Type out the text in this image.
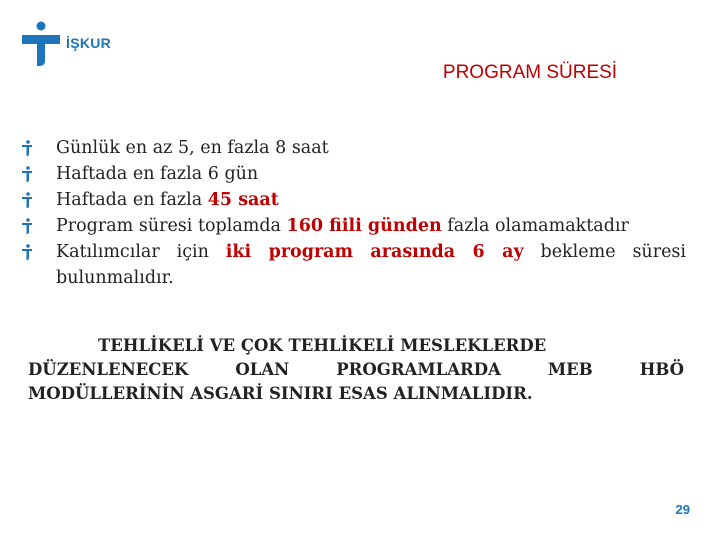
İŞKUR
PROGRAM SÜRESİ
Günlük en az 5, en fazla 8 saat
Haftada en fazla 6 gün
Haftada en fazla 45 saat
Program süresi toplamda 160 fiili günden fazla olamamaktadır
Katılımcılar için iki program arasında 6 ay bekleme süresi bulunmalıdır.
TEHLİKELİ VE ÇOK TEHLİKELİ MESLEKLERDE
DÜZENLENECEK	OLAN	PROGRAMLARDA	MEB	HBÖ
MODÜLLERİNİN ASGARİ SINIRI ESAS ALINMALIDIR.
29
